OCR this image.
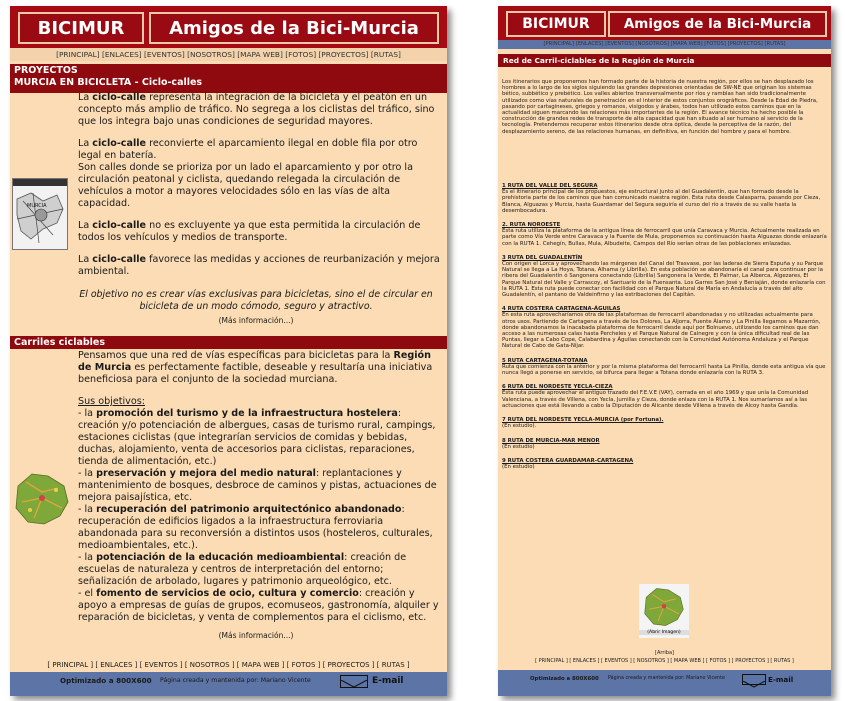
BICIMUR	Amigos de la Bici-Murcia
[PRINCIPAL] [ENLACES] [EVENTOS] [NOSOTROS] [MAPA WEB] [FOTOS] [PROYECTOS] [RUTAS]
PROYECTOS
MURCIA EN BICICLETA - Ciclo-calles
MURCIA

La ciclo-calle representa la integración de la bicicleta y el peatón en un concepto más amplio de tráfico. No segrega a los ciclistas del tráfico, sino que los integra bajo unas condiciones de seguridad mayores.

La ciclo-calle reconvierte el aparcamiento ilegal en doble fila por otro legal en batería.

Son calles donde se prioriza por un lado el aparcamiento y por otro la circulación peatonal y ciclista, quedando relegada la circulación de vehículos a motor a mayores velocidades sólo en las vías de alta capacidad.

La ciclo-calle no es excluyente ya que esta permitida la circulación de todos los vehículos y medios de transporte.

La ciclo-calle favorece las medidas y acciones de reurbanización y mejora ambiental.

El objetivo no es crear vías exclusivas para bicicletas, sino el de circular en bicicleta de un modo cómodo, seguro y atractivo.
(Más información...)
Carriles ciclables
Pensamos que una red de vías específicas para bicicletas para la Región de Murcia es perfectamente factible, deseable y resultaría una iniciativa beneficiosa para el conjunto de la sociedad murciana.
Sus objetivos:
- la promoción del turismo y de la infraestructura hostelera: creación y/o potenciación de albergues, casas de turismo rural, campings, estaciones ciclistas (que integrarían servicios de comidas y bebidas, duchas, alojamiento, venta de accesorios para ciclistas, reparaciones, tienda de alimentación, etc.)
- la preservación y mejora del medio natural: replantaciones y mantenimiento de bosques, desbroce de caminos y pistas, actuaciones de mejora paisajística, etc.
- la recuperación del patrimonio arquitectónico abandonado: recuperación de edificios ligados a la infraestructura ferroviaria abandonada para su reconversión a distintos usos (hosteleros, culturales, medioambientales, etc.).
- la potenciación de la educación medioambiental: creación de escuelas de naturaleza y centros de interpretación del entorno; señalización de arbolado, lugares y patrimonio arqueológico, etc.
- el fomento de servicios de ocio, cultura y comercio: creación y apoyo a empresas de guías de grupos, ecomuseos, gastronomía, alquiler y reparación de bicicletas, y venta de complementos para el ciclismo, etc.
(Más información...)
[ PRINCIPAL ] [ ENLACES ] [ EVENTOS ] [ NOSOTROS ] [ MAPA WEB ] [ FOTOS ] [ PROYECTOS ] [ RUTAS ]
Optimizado a 800X600 Página creada y mantenida por: Mariano Vicente	E-mail
BICIMUR	Amigos de la Bici-Murcia
[PRINCIPAL] [ENLACES] [EVENTOS] [NOSOTROS] [MAPA WEB] [FOTOS] [PROYECTOS] [RUTAS]
Red de Carril-ciclables de la Región de Murcia
Los itinerarios que proponemos han formado parte de la historia de nuestra región, por ellos se han desplazado los hombres a lo largo de los siglos siguiendo las grandes depresiones orientadas de SW-NE que originan los sistemas bético, subbético y prebético. Los valles abiertos transversalmente por ríos y ramblas han sido tradicionalmente utilizados como vías naturales de penetración en el interior de estos conjuntos orográficos. Desde la Edad de Piedra, pasando por cartagineses, griegos y romanos, visigodos y árabes, todos han utilizado estos caminos que en la actualidad siguen marcando las relaciones más importantes de la región. El avance técnico ha hecho posible la construcción de grandes redes de transporte de alta capacidad que han situado al ser humano al servicio de la tecnología. Pretendemos recuperar estos itinerarios desde otra óptica, desde la perceptiva de la razón, del desplazamiento sereno, de las relaciones humanas, en definitiva, en función del hombre y para el hombre.
1 RUTA DEL VALLE DEL SEGURA
Es el itinerario principal de los propuestos, eje estructural junto al del Guadalentín, que han formado desde la prehistoria parte de los caminos que han comunicado nuestra región. Esta ruta desde Calasparra, pasando por Cieza, Blanca, Alguazas y Murcia, hasta Guardamar del Segura seguiría el curso del río a través de su valle hasta la desembocadura.
2. RUTA NOROESTE
Esta ruta utiliza la plataforma de la antigua línea de ferrocarril que unía Caravaca y Murcia. Actualmente realizada en parte como Vía Verde entre Caravaca y la Fuente de Mula, proponemos su continuación hasta Alguazas donde enlazaría con la RUTA 1. Cehegín, Bullas, Mula, Albudeite, Campos del Río serían otras de las poblaciones enlazadas.
3 RUTA DEL GUADALENTÍN
Con origen el Lorca y aprovechando las márgenes del Canal del Trasvase, por las laderas de Sierra Espuña y su Parque Natural se llega a La Hoya, Totana, Alhama (y Librilla). En esta población se abandonaría el canal para continuar por la ribera del Guadalentín ó Sangonera conectando (Librilla) Sangonera la Verde, El Palmar, La Alberca, Algezares, El Parque Natural del Valle y Carrascoy, el Santuario de la Fuensanta. Los Garres San José y Beniaján, donde enlazaría con la RUTA 1. Esta ruta puede conectar con facilidad con el Parque Natural de María en Andalucía a través del alto Guadalentín, el pantano de Valdeinfirno y las estribaciones del Capitán.
4 RUTA COSTERA CARTAGENA-ÁGUILAS
En esta ruta aprovecharíamos otra de las plataformas de ferrocarril abandonadas y no utilizadas actualmente para otros usos. Partiendo de Cartagena a través de los Dolores, La Aljorra, Fuente Álamo y La Pinilla llegamos a Mazarrón, donde abandonamos la inacabada plataforma de ferrocarril desde aquí por Bolnuevo, utilizando los caminos que dan acceso a las numerosas calas hasta Percheles y el Parque Natural de Calnegre y con la única dificultad real de las Puntas, llegar a Cabo Cope, Calabardina y Águilas conectando con la Comunidad Autónoma Andaluza y el Parque Natural de Cabo de Gata-Níjar.
5 RUTA CARTAGENA-TOTANA
Ruta que comienza con la anterior y por la misma plataforma del ferrocarril hasta La Pinilla, donde esta antigua vía que nunca llegó a ponerse en servicio, sé bifurca para llegar a Totana donde enlazaría con la RUTA 3.
6 RUTA DEL NORDESTE YECLA-CIEZA
Esta ruta puede aprovechar el antiguo trazado del F.E.V.E (VAY), cerrada en el año 1969 y que unía la Comunidad Valenciana, a través de Villena, con Yecla, Jumilla y Cieza, donde enlaza con la RUTA 1. Nos sumaríamos así a las actuaciones que está llevando a cabo la Diputación de Alicante desde Villena a través de Alcoy hasta Gandía.
7 RUTA DEL NORDESTE YECLA-MURCIA (por Fortuna).
(En estudio).
8 RUTA DE MURCIA-MAR MENOR
(En estudio)
9 RUTA COSTERA GUARDAMAR-CARTAGENA
(En estudio)
(Abrir Imagen)
[Arriba]
[ PRINCIPAL ] [ ENLACES ] [ EVENTOS ] [ NOSOTROS ] [ MAPA WEB ] [ FOTOS ] [ PROYECTOS ] [ RUTAS ]
Optimizado a 800X600 Página creada y mantenida por: Mariano Vicente	E-mail
